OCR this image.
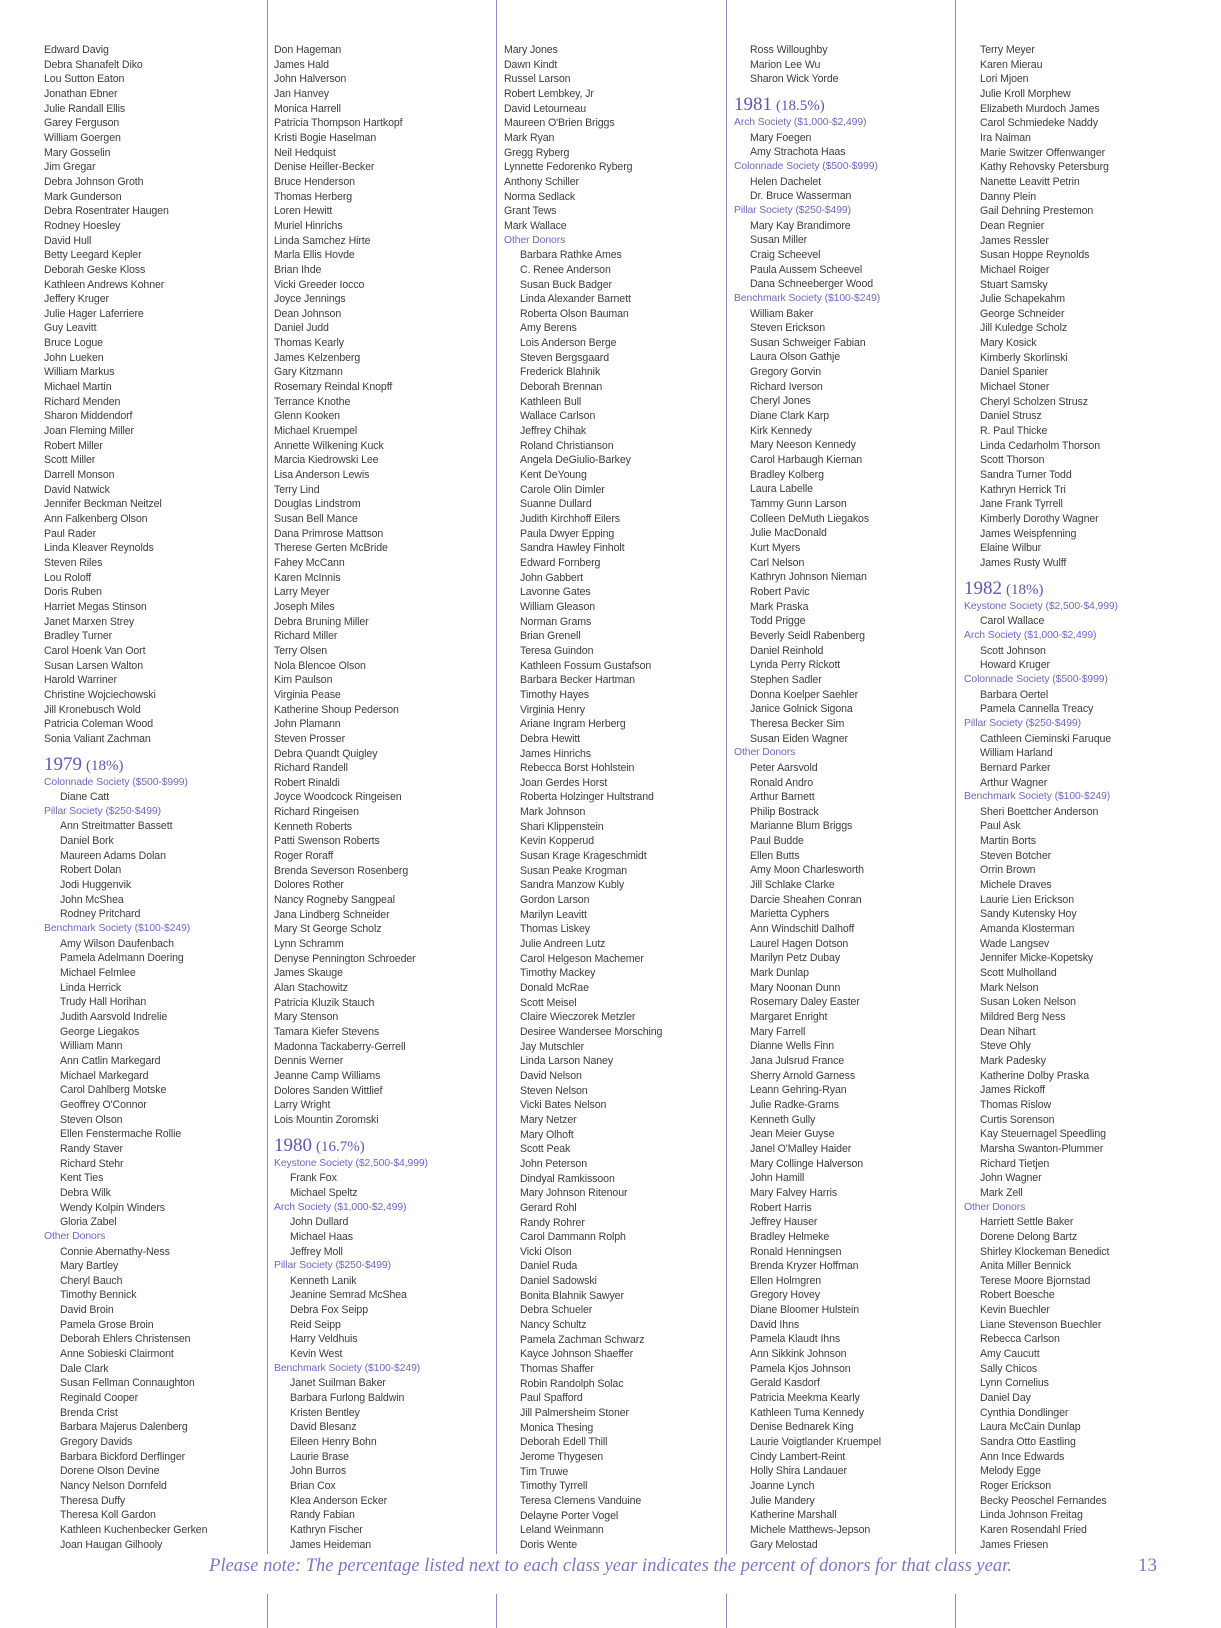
Edward Davig
Debra Shanafelt Diko
Lou Sutton Eaton
Jonathan Ebner
Julie Randall Ellis
Garey Ferguson
William Goergen
Mary Gosselin
Jim Gregar
Debra Johnson Groth
Mark Gunderson
Debra Rosentrater Haugen
Rodney Hoesley
David Hull
Betty Leegard Kepler
Deborah Geske Kloss
Kathleen Andrews Kohner
Jeffery Kruger
Julie Hager Laferriere
Guy Leavitt
Bruce Logue
John Lueken
William Markus
Michael Martin
Richard Menden
Sharon Middendorf
Joan Fleming Miller
Robert Miller
Scott Miller
Darrell Monson
David Natwick
Jennifer Beckman Neitzel
Ann Falkenberg Olson
Paul Rader
Linda Kleaver Reynolds
Steven Riles
Lou Roloff
Doris Ruben
Harriet Megas Stinson
Janet Marxen Strey
Bradley Turner
Carol Hoenk Van Oort
Susan Larsen Walton
Harold Warriner
Christine Wojciechowski
Jill Kronebusch Wold
Patricia Coleman Wood
Sonia Valiant Zachman
1979 (18%)
Colonnade Society ($500-$999)
Diane Catt
Pillar Society ($250-$499)
Ann Streitmatter Bassett
Daniel Bork
Maureen Adams Dolan
Robert Dolan
Jodi Huggenvik
John McShea
Rodney Pritchard
Benchmark Society ($100-$249)
Amy Wilson Daufenbach
Pamela Adelmann Doering
Michael Felmlee
Linda Herrick
Trudy Hall Horihan
Judith Aarsvold Indrelie
George Liegakos
William Mann
Ann Catlin Markegard
Michael Markegard
Carol Dahlberg Motske
Geoffrey O'Connor
Steven Olson
Ellen Fenstermache Rollie
Randy Staver
Richard Stehr
Kent Ties
Debra Wilk
Wendy Kolpin Winders
Gloria Zabel
Other Donors
Connie Abernathy-Ness
Mary Bartley
Cheryl Bauch
Timothy Bennick
David Broin
Pamela Grose Broin
Deborah Ehlers Christensen
Anne Sobieski Clairmont
Dale Clark
Susan Fellman Connaughton
Reginald Cooper
Brenda Crist
Barbara Majerus Dalenberg
Gregory Davids
Barbara Bickford Derflinger
Dorene Olson Devine
Nancy Nelson Dornfeld
Theresa Duffy
Theresa Koll Gardon
Kathleen Kuchenbecker Gerken
Joan Haugan Gilhooly
Don Hageman
James Hald
John Halverson
Jan Hanvey
Monica Harrell
Patricia Thompson Hartkopf
Kristi Bogie Haselman
Neil Hedquist
Denise Heiller-Becker
Bruce Henderson
Thomas Herberg
Loren Hewitt
Muriel Hinrichs
Linda Samchez Hirte
Marla Ellis Hovde
Brian Ihde
Vicki Greeder Iocco
Joyce Jennings
Dean Johnson
Daniel Judd
Thomas Kearly
James Kelzenberg
Gary Kitzmann
Rosemary Reindal Knopff
Terrance Knothe
Glenn Kooken
Michael Kruempel
Annette Wilkening Kuck
Marcia Kiedrowski Lee
Lisa Anderson Lewis
Terry Lind
Douglas Lindstrom
Susan Bell Mance
Dana Primrose Mattson
Therese Gerten McBride
Fahey McCann
Karen McInnis
Larry Meyer
Joseph Miles
Debra Bruning Miller
Richard Miller
Terry Olsen
Nola Blencoe Olson
Kim Paulson
Virginia Pease
Katherine Shoup Pederson
John Plamann
Steven Prosser
Debra Quandt Quigley
Richard Randell
Robert Rinaldi
Joyce Woodcock Ringeisen
Richard Ringeisen
Kenneth Roberts
Patti Swenson Roberts
Roger Roraff
Brenda Severson Rosenberg
Dolores Rother
Nancy Rogneby Sangpeal
Jana Lindberg Schneider
Mary St George Scholz
Lynn Schramm
Denyse Pennington Schroeder
James Skauge
Alan Stachowitz
Patricia Kluzik Stauch
Mary Stenson
Tamara Kiefer Stevens
Madonna Tackaberry-Gerrell
Dennis Werner
Jeanne Camp Williams
Dolores Sanden Wittlief
Larry Wright
Lois Mountin Zoromski
1980 (16.7%)
Keystone Society ($2,500-$4,999)
Frank Fox
Michael Speltz
Arch Society ($1,000-$2,499)
John Dullard
Michael Haas
Jeffrey Moll
Pillar Society ($250-$499)
Kenneth Lanik
Jeanine Semrad McShea
Debra Fox Seipp
Reid Seipp
Harry Veldhuis
Kevin West
Benchmark Society ($100-$249)
Janet Suilman Baker
Barbara Furlong Baldwin
Kristen Bentley
David Blesanz
Eileen Henry Bohn
Laurie Brase
John Burros
Brian Cox
Klea Anderson Ecker
Randy Fabian
Kathryn Fischer
James Heideman
Mary Jones
Dawn Kindt
Russel Larson
Robert Lembkey, Jr
David Letourneau
Maureen O'Brien Briggs
Mark Ryan
Gregg Ryberg
Lynnette Fedorenko Ryberg
Anthony Schiller
Norma Sedlack
Grant Tews
Mark Wallace
Other Donors
Barbara Rathke Ames
C. Renee Anderson
Susan Buck Badger
Linda Alexander Barnett
Roberta Olson Bauman
Amy Berens
Lois Anderson Berge
Steven Bergsgaard
Frederick Blahnik
Deborah Brennan
Kathleen Bull
Wallace Carlson
Jeffrey Chihak
Roland Christianson
Angela DeGiulio-Barkey
Kent DeYoung
Carole Olin Dimler
Suanne Dullard
Judith Kirchhoff Eilers
Paula Dwyer Epping
Sandra Hawley Finholt
Edward Fornberg
John Gabbert
Lavonne Gates
William Gleason
Norman Grams
Brian Grenell
Teresa Guindon
Kathleen Fossum Gustafson
Barbara Becker Hartman
Timothy Hayes
Virginia Henry
Ariane Ingram Herberg
Debra Hewitt
James Hinrichs
Rebecca Borst Hohlstein
Joan Gerdes Horst
Roberta Holzinger Hultstrand
Mark Johnson
Shari Klippenstein
Kevin Kopperud
Susan Krage Krageschmidt
Susan Peake Krogman
Sandra Manzow Kubly
Gordon Larson
Marilyn Leavitt
Thomas Liskey
Julie Andreen Lutz
Carol Helgeson Machemer
Timothy Mackey
Donald McRae
Scott Meisel
Claire Wieczorek Metzler
Desiree Wandersee Morsching
Jay Mutschler
Linda Larson Naney
David Nelson
Steven Nelson
Vicki Bates Nelson
Mary Netzer
Mary Olhoft
Scott Peak
John Peterson
Dindyal Ramkissoon
Mary Johnson Ritenour
Gerard Rohl
Randy Rohrer
Carol Dammann Rolph
Vicki Olson
Daniel Ruda
Daniel Sadowski
Bonita Blahnik Sawyer
Debra Schueler
Nancy Schultz
Pamela Zachman Schwarz
Kayce Johnson Shaeffer
Thomas Shaffer
Robin Randolph Solac
Paul Spafford
Jill Palmersheim Stoner
Monica Thesing
Deborah Edell Thill
Jerome Thygesen
Tim Truwe
Timothy Tyrrell
Teresa Clemens Vanduine
Delayne Porter Vogel
Leland Weinmann
Doris Wente
Ross Willoughby
Marion Lee Wu
Sharon Wick Yorde
1981 (18.5%)
Arch Society ($1,000-$2,499)
Mary Foegen
Amy Strachota Haas
Colonnade Society ($500-$999)
Helen Dachelet
Dr. Bruce Wasserman
Pillar Society ($250-$499)
Mary Kay Brandimore
Susan Miller
Craig Scheevel
Paula Aussem Scheevel
Dana Schneeberger Wood
Benchmark Society ($100-$249)
William Baker
Steven Erickson
Susan Schweiger Fabian
Laura Olson Gathje
Gregory Gorvin
Richard Iverson
Cheryl Jones
Diane Clark Karp
Kirk Kennedy
Mary Neeson Kennedy
Carol Harbaugh Kiernan
Bradley Kolberg
Laura Labelle
Tammy Gunn Larson
Colleen DeMuth Liegakos
Julie MacDonald
Kurt Myers
Carl Nelson
Kathryn Johnson Nieman
Robert Pavic
Mark Praska
Todd Prigge
Beverly Seidl Rabenberg
Daniel Reinhold
Lynda Perry Rickott
Stephen Sadler
Donna Koelper Saehler
Janice Golnick Sigona
Theresa Becker Sim
Susan Eiden Wagner
Other Donors
Peter Aarsvold
Ronald Andro
Arthur Barnett
Philip Bostrack
Marianne Blum Briggs
Paul Budde
Ellen Butts
Amy Moon Charlesworth
Jill Schlake Clarke
Darcie Sheahen Conran
Marietta Cyphers
Ann Windschitl Dalhoff
Laurel Hagen Dotson
Marilyn Petz Dubay
Mark Dunlap
Mary Noonan Dunn
Rosemary Daley Easter
Margaret Enright
Mary Farrell
Dianne Wells Finn
Jana Julsrud France
Sherry Arnold Garness
Leann Gehring-Ryan
Julie Radke-Grams
Kenneth Gully
Jean Meier Guyse
Janel O'Malley Haider
Mary Collinge Halverson
John Hamill
Mary Falvey Harris
Robert Harris
Jeffrey Hauser
Bradley Helmeke
Ronald Henningsen
Brenda Kryzer Hoffman
Ellen Holmgren
Gregory Hovey
Diane Bloomer Hulstein
David Ihns
Pamela Klaudt Ihns
Ann Sikkink Johnson
Pamela Kjos Johnson
Gerald Kasdorf
Patricia Meekma Kearly
Kathleen Tuma Kennedy
Denise Bednarek King
Laurie Voigtlander Kruempel
Cindy Lambert-Reint
Holly Shira Landauer
Joanne Lynch
Julie Mandery
Katherine Marshall
Michele Matthews-Jepson
Gary Melostad
Terry Meyer
Karen Mierau
Lori Mjoen
Julie Kroll Morphew
Elizabeth Murdoch James
Carol Schmiedeke Naddy
Ira Naiman
Marie Switzer Offenwanger
Kathy Rehovsky Petersburg
Nanette Leavitt Petrin
Danny Plein
Gail Dehning Prestemon
Dean Regnier
James Ressler
Susan Hoppe Reynolds
Michael Roiger
Stuart Samsky
Julie Schapekahm
George Schneider
Jill Kuledge Scholz
Mary Kosick
Kimberly Skorlinski
Daniel Spanier
Michael Stoner
Cheryl Scholzen Strusz
Daniel Strusz
R. Paul Thicke
Linda Cedarholm Thorson
Scott Thorson
Sandra Turner Todd
Kathryn Herrick Tri
Jane Frank Tyrrell
Kimberly Dorothy Wagner
James Weispfenning
Elaine Wilbur
James Rusty Wulff
1982 (18%)
Keystone Society ($2,500-$4,999)
Carol Wallace
Arch Society ($1,000-$2,499)
Scott Johnson
Howard Kruger
Colonnade Society ($500-$999)
Barbara Oertel
Pamela Cannella Treacy
Pillar Society ($250-$499)
Cathleen Cieminski Faruque
William Harland
Bernard Parker
Arthur Wagner
Benchmark Society ($100-$249)
Sheri Boettcher Anderson
Paul Ask
Martin Borts
Steven Botcher
Orrin Brown
Michele Draves
Laurie Lien Erickson
Sandy Kutensky Hoy
Amanda Klosterman
Wade Langsev
Jennifer Micke-Kopetsky
Scott Mulholland
Mark Nelson
Susan Loken Nelson
Mildred Berg Ness
Dean Nihart
Steve Ohly
Mark Padesky
Katherine Dolby Praska
James Rickoff
Thomas Rislow
Curtis Sorenson
Kay Steuernagel Speedling
Marsha Swanton-Plummer
Richard Tietjen
John Wagner
Mark Zell
Other Donors
Harriett Settle Baker
Dorene Delong Bartz
Shirley Klockeman Benedict
Anita Miller Bennick
Terese Moore Bjornstad
Robert Boesche
Kevin Buechler
Liane Stevenson Buechler
Rebecca Carlson
Amy Caucutt
Sally Chicos
Lynn Cornelius
Daniel Day
Cynthia Dondlinger
Laura McCain Dunlap
Sandra Otto Eastling
Ann Ince Edwards
Melody Egge
Roger Erickson
Becky Peoschel Fernandes
Linda Johnson Freitag
Karen Rosendahl Fried
James Friesen
Please note: The percentage listed next to each class year indicates the percent of donors for that class year.	13
